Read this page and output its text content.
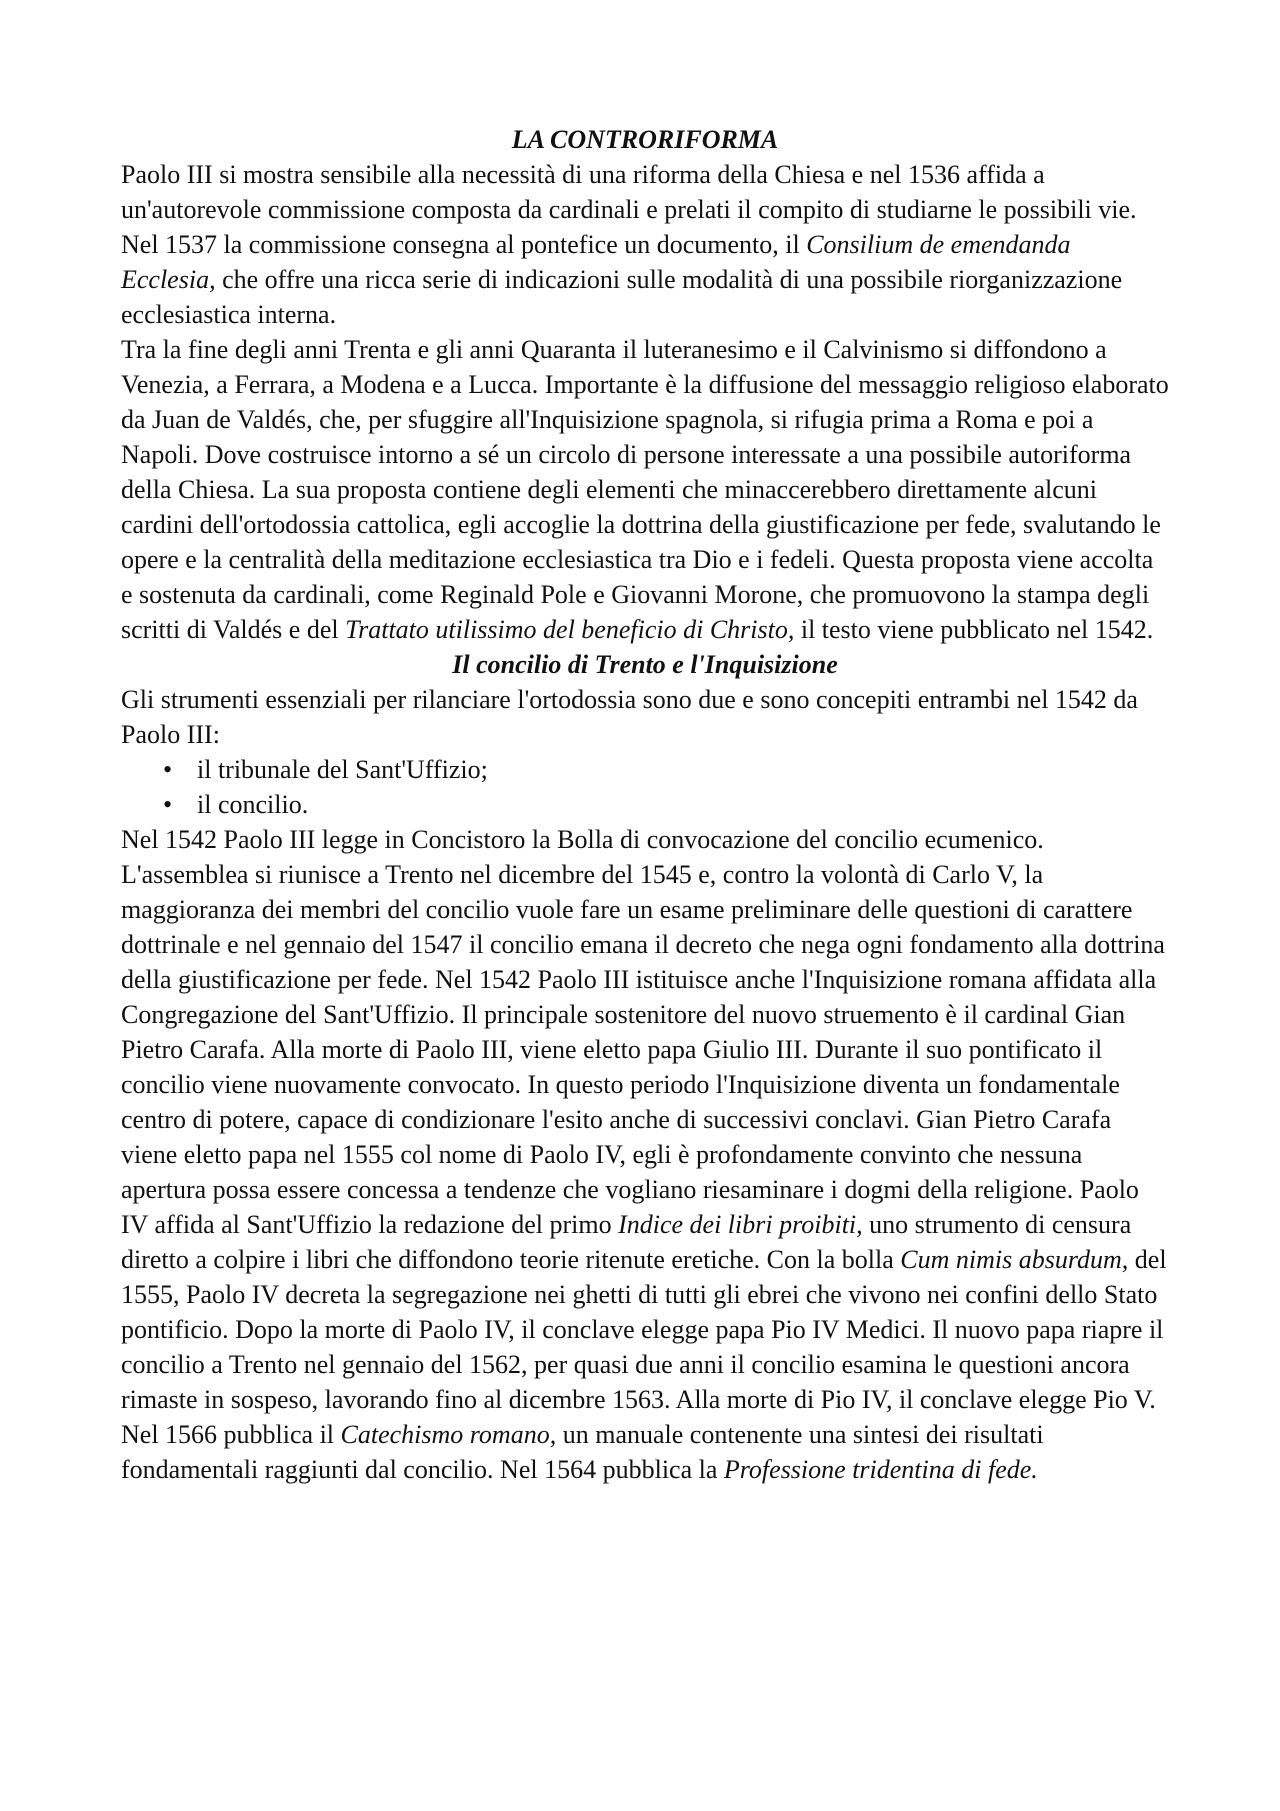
LA CONTRORIFORMA

Paolo III si mostra sensibile alla necessità di una riforma della Chiesa e nel 1536 affida a un'autorevole commissione composta da cardinali e prelati il compito di studiarne le possibili vie. Nel 1537 la commissione consegna al pontefice un documento, il Consilium de emendanda Ecclesia, che offre una ricca serie di indicazioni sulle modalità di una possibile riorganizzazione ecclesiastica interna.

Tra la fine degli anni Trenta e gli anni Quaranta il luteranesimo e il Calvinismo si diffondono a Venezia, a Ferrara, a Modena e a Lucca. Importante è la diffusione del messaggio religioso elaborato da Juan de Valdés, che, per sfuggire all'Inquisizione spagnola, si rifugia prima a Roma e poi a Napoli. Dove costruisce intorno a sé un circolo di persone interessate a una possibile autoriforma della Chiesa. La sua proposta contiene degli elementi che minaccerebbero direttamente alcuni cardini dell'ortodossia cattolica, egli accoglie la dottrina della giustificazione per fede, svalutando le opere e la centralità della meditazione ecclesiastica tra Dio e i fedeli. Questa proposta viene accolta e sostenuta da cardinali, come Reginald Pole e Giovanni Morone, che promuovono la stampa degli scritti di Valdés e del Trattato utilissimo del beneficio di Christo, il testo viene pubblicato nel 1542.

Il concilio di Trento e l'Inquisizione

Gli strumenti essenziali per rilanciare l'ortodossia sono due e sono concepiti entrambi nel 1542 da Paolo III:

• il tribunale del Sant'Uffizio;
• il concilio.

Nel 1542 Paolo III legge in Concistoro la Bolla di convocazione del concilio ecumenico. L'assemblea si riunisce a Trento nel dicembre del 1545 e, contro la volontà di Carlo V, la maggioranza dei membri del concilio vuole fare un esame preliminare delle questioni di carattere dottrinale e nel gennaio del 1547 il concilio emana il decreto che nega ogni fondamento alla dottrina della giustificazione per fede. Nel 1542 Paolo III istituisce anche l'Inquisizione romana affidata alla Congregazione del Sant'Uffizio. Il principale sostenitore del nuovo struemento è il cardinal Gian Pietro Carafa. Alla morte di Paolo III, viene eletto papa Giulio III. Durante il suo pontificato il concilio viene nuovamente convocato. In questo periodo l'Inquisizione diventa un fondamentale centro di potere, capace di condizionare l'esito anche di successivi conclavi. Gian Pietro Carafa viene eletto papa nel 1555 col nome di Paolo IV, egli è profondamente convinto che nessuna apertura possa essere concessa a tendenze che vogliano riesaminare i dogmi della religione. Paolo IV affida al Sant'Uffizio la redazione del primo Indice dei libri proibiti, uno strumento di censura diretto a colpire i libri che diffondono teorie ritenute eretiche. Con la bolla Cum nimis absurdum, del 1555, Paolo IV decreta la segregazione nei ghetti di tutti gli ebrei che vivono nei confini dello Stato pontificio. Dopo la morte di Paolo IV, il conclave elegge papa Pio IV Medici. Il nuovo papa riapre il concilio a Trento nel gennaio del 1562, per quasi due anni il concilio esamina le questioni ancora rimaste in sospeso, lavorando fino al dicembre 1563. Alla morte di Pio IV, il conclave elegge Pio V. Nel 1566 pubblica il Catechismo romano, un manuale contenente una sintesi dei risultati fondamentali raggiunti dal concilio. Nel 1564 pubblica la Professione tridentina di fede.
